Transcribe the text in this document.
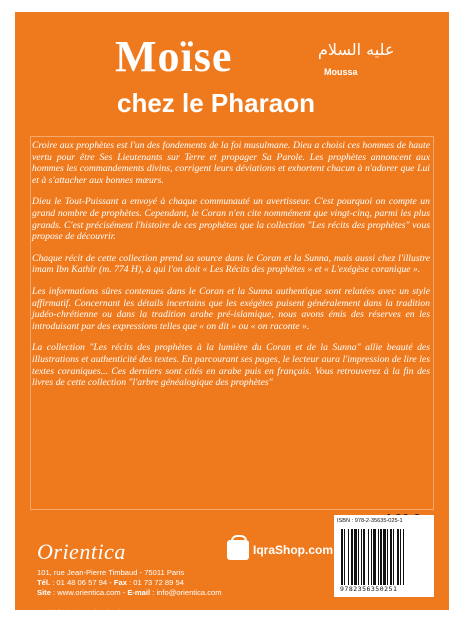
Moïse	عليه السلام
Moussa
chez le Pharaon

Croire aux prophètes est l'un des fondements de la foi musulmane. Dieu a choisi ces hommes de haute vertu pour être Ses Lieutenants sur Terre et propager Sa Parole. Les prophètes annoncent aux hommes les commandements divins, corrigent leurs déviations et exhortent chacun à n'adorer que Lui et à s'attacher aux bonnes mœurs.

Dieu le Tout-Puissant a envoyé à chaque communauté un avertisseur. C'est pourquoi on compte un grand nombre de prophètes. Cependant, le Coran n'en cite nommément que vingt-cinq, parmi les plus grands. C'est précisément l'histoire de ces prophètes que la collection "Les récits des prophètes" vous propose de découvrir.

Chaque récit de cette collection prend sa source dans le Coran et la Sunna, mais aussi chez l'illustre imam Ibn Kathîr (m. 774 H), à qui l'on doit « Les Récits des prophètes » et « L'exégèse coranique ».

Les informations sûres contenues dans le Coran et la Sunna authentique sont relatées avec un style affirmatif. Concernant les détails incertains que les exégètes puisent généralement dans la tradition judéo-chrétienne ou dans la tradition arabe pré-islamique, nous avons émis des réserves en les introduisant par des expressions telles que « on dit » ou « on raconte ».

La collection "Les récits des prophètes à la lumière du Coran et de la Sunna" allie beauté des illustrations et authenticité des textes. En parcourant ses pages, le lecteur aura l'impression de lire les textes coraniques... Ces derniers sont cités en arabe puis en français. Vous retrouverez à la fin des livres de cette collection "l'arbre généalogique des prophètes"

Orientica
101, rue Jean-Pierre Timbaud - 75011 Paris
Tél. : 01 48 06 57 94 - Fax : 01 73 72 89 54
Site : www.orientica.com - E-mail : info@orientica.com
Copyright © Orientica. Tous droits réservés
IqraShop.com
ISBN : 978-2-35635-025-1
9782356350251
